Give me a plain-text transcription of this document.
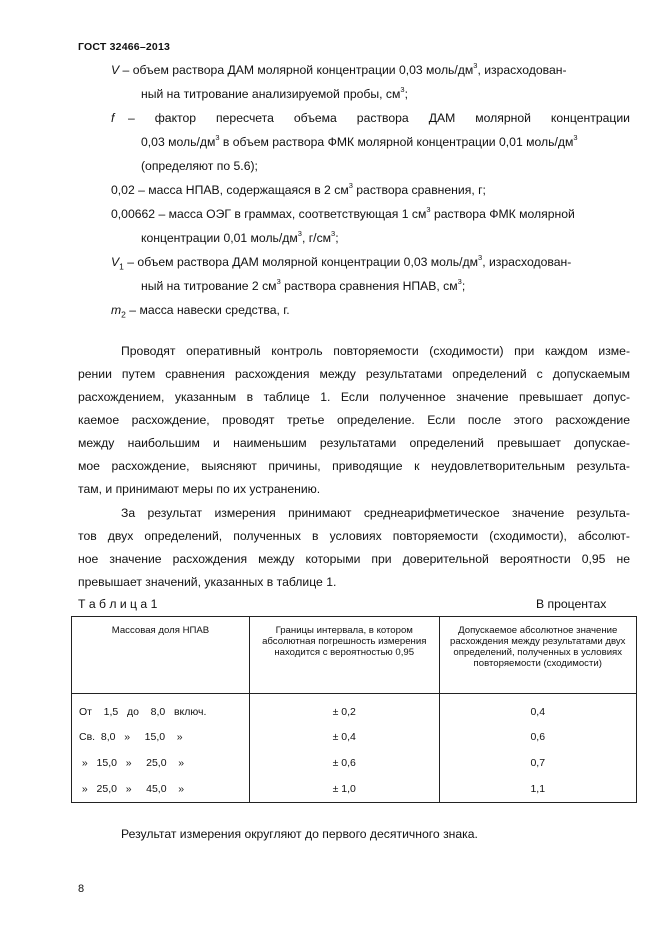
ГОСТ 32466–2013
V – объем раствора ДАМ молярной концентрации 0,03 моль/$дм^3$, израсходован-
ный на титрование анализируемой пробы, $см^3$;
f – фактор пересчета объема раствора ДАМ молярной концентрации
0,03 моль/$дм^3$ в объем раствора ФМК молярной концентрации 0,01 моль/$дм^3$
(определяют по 5.6);
0,02 – масса НПАВ, содержащаяся в 2 $см^3$ раствора сравнения, г;
0,00662 – масса ОЭГ в граммах, соответствующая 1 $см^3$ раствора ФМК молярной
концентрации 0,01 моль/$дм^3$, $г/см^3$;
$V_1$ – объем раствора ДАМ молярной концентрации 0,03 моль/$дм^3$, израсходован-
ный на титрование 2 $см^3$ раствора сравнения НПАВ, $см^3$;
$m_2$ – масса навески средства, г.
Проводят оперативный контроль повторяемости (сходимости) при каждом изме-
рении путем сравнения расхождения между результатами определений с допускаемым
расхождением, указанным в таблице 1. Если полученное значение превышает допус-
каемое расхождение, проводят третье определение. Если после этого расхождение
между наибольшим и наименьшим результатами определений превышает допускае-
мое расхождение, выясняют причины, приводящие к неудовлетворительным результа-
там, и принимают меры по их устранению.
За результат измерения принимают среднеарифметическое значение результа-
тов двух определений, полученных в условиях повторяемости (сходимости), абсолют-
ное значение расхождения между которыми при доверительной вероятности 0,95 не
превышает значений, указанных в таблице 1.
Т а б л и ц а 1	В процентах
Массовая доля НПАВ	Границы интервала, в котором абсолютная погрешность измерения находится с вероятностью 0,95	Допускаемое абсолютное значение расхождения между результатами двух определений, полученных в условиях повторяемости (сходимости)
От    1,5   до    8,0   включ.	± 0,2	0,4
Св.  8,0   »     15,0    »	± 0,4	0,6
»   15,0   »     25,0    »	± 0,6	0,7
»   25,0   »     45,0    »	± 1,0	1,1
Результат измерения округляют до первого десятичного знака.
8
